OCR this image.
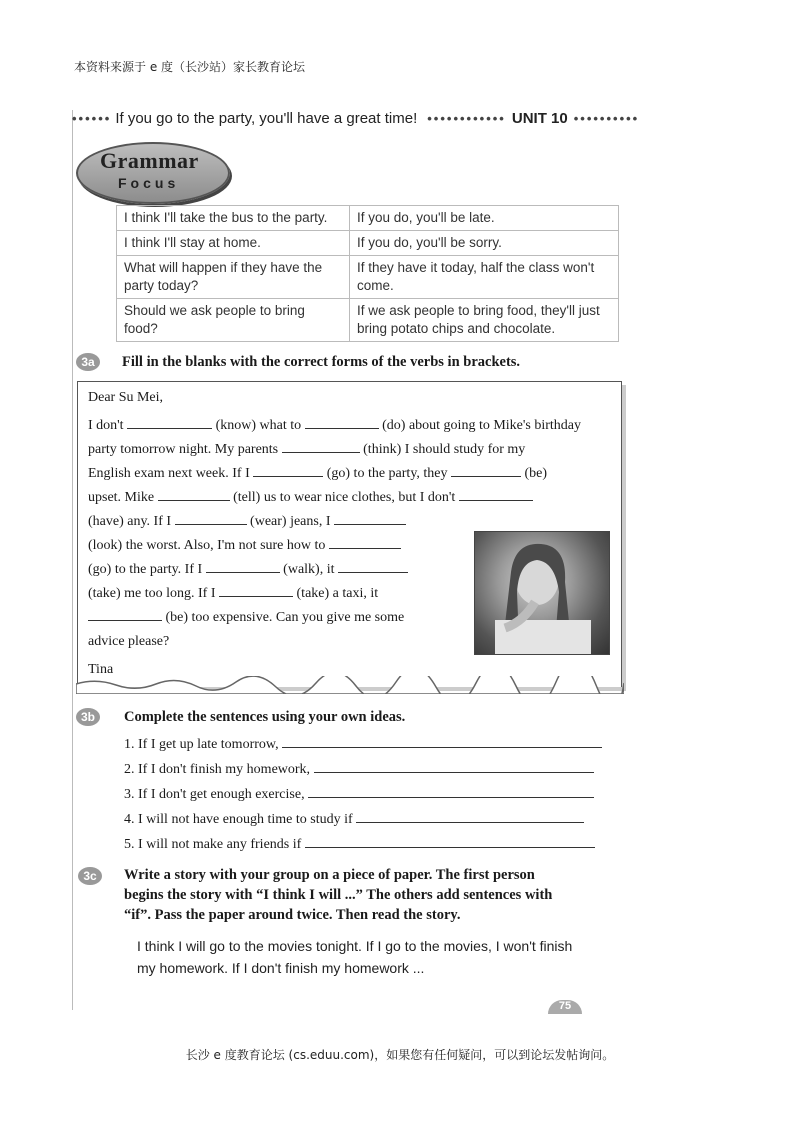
本资料来源于 e 度（长沙站）家长教育论坛
•••••• If you go to the party, you'll have a great time! •••••••••••• UNIT 10 ••••••••••
Grammar
Focus
I think I'll take the bus to the party.	If you do, you'll be late.
I think I'll stay at home.	If you do, you'll be sorry.
What will happen if they have the party today?	If they have it today, half the class won't come.
Should we ask people to bring food?	If we ask people to bring food, they'll just bring potato chips and chocolate.
3a	Fill in the blanks with the correct forms of the verbs in brackets.
Dear Su Mei,
I don't	(know) what to	(do) about going to Mike's birthday
party tomorrow night. My parents	(think) I should study for my
English exam next week. If I	(go) to the party, they	(be)
upset. Mike	(tell) us to wear nice clothes, but I don't
(have) any. If I	(wear) jeans, I
(look) the worst. Also, I'm not sure how to
(go) to the party. If I	(walk), it
(take) me too long. If I	(take) a taxi, it
(be) too expensive. Can you give me some
advice please?
Tina
3b	Complete the sentences using your own ideas.
1. If I get up late tomorrow,
2. If I don't finish my homework,
3. If I don't get enough exercise,
4. I will not have enough time to study if
5. I will not make any friends if
3c	Write a story with your group on a piece of paper. The first person
begins the story with “I think I will ...” The others add sentences with
“if”. Pass the paper around twice. Then read the story.
I think I will go to the movies tonight. If I go to the movies, I won't finish
my homework. If I don't finish my homework ...
75
长沙 e 度教育论坛 (cs.eduu.com)，如果您有任何疑问，可以到论坛发帖询问。
